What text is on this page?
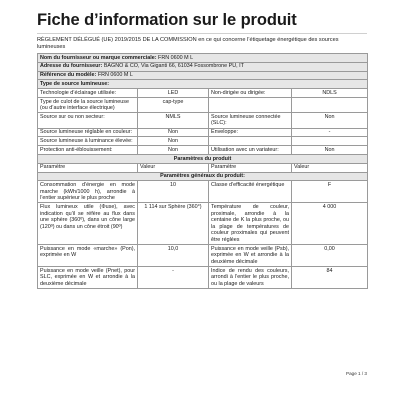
Fiche d’information sur le produit
RÈGLEMENT DÉLÉGUÉ (UE) 2019/2015 DE LA COMMISSION en ce qui concerne l’étiquetage énergétique des sources lumineuses
Nom du fournisseur ou marque commerciale: FRN 0600 M L			
Adresse du fournisseur: BAGNO & CO, Via Giganti 66, 61034 Fossombrone PU, IT			
Référence du modèle: FRN 0600 M L			
Type de source lumineuse:			
Technologie d’éclairage utilisée:	LED	Non-dirigée ou dirigée:	NDLS
Type de culot de la source lumineuse (ou d’autre interface électrique)	cap-type		
Source sur ou non secteur:	NMLS	Source lumineuse connectée (SLC):	Non
Source lumineuse réglable en couleur:	Non	Enveloppe:	-
Source lumineuse à luminance élevée:	Non		
Protection anti-éblouissement:	Non	Utilisation avec un variateur:	Non
Paramètres du produit			
Paramètre	Valeur	Paramètre	Valeur
Paramètres généraux du produit:			
Consommation d’énergie en mode marche (kWh/1000 h), arrondie à l’entier supérieur le plus proche	10	Classe d’efficacité énergétique	F
Flux lumineux utile (Φuse), avec indication qu’il se réfère au flux dans une sphère (360º), dans un cône large (120º) ou dans un cône étroit (90º)	1 114 sur Sphère (360°)	Température de couleur, proximale, arrondie à la centaine de K la plus proche, ou la plage de températures de couleur proximales qui peuvent être réglées	4 000
Puissance en mode «marche» (Pon), exprimée en W	10,0	Puissance en mode veille (Psb), exprimée en W et arrondie à la deuxième décimale	0,00
Puissance en mode veille (Pnet), pour SLC, exprimée en W et arrondie à la deuxième décimale	-	Indice de rendu des couleurs, arrondi à l’entier le plus proche, ou la plage de valeurs	84
Page 1 / 3
